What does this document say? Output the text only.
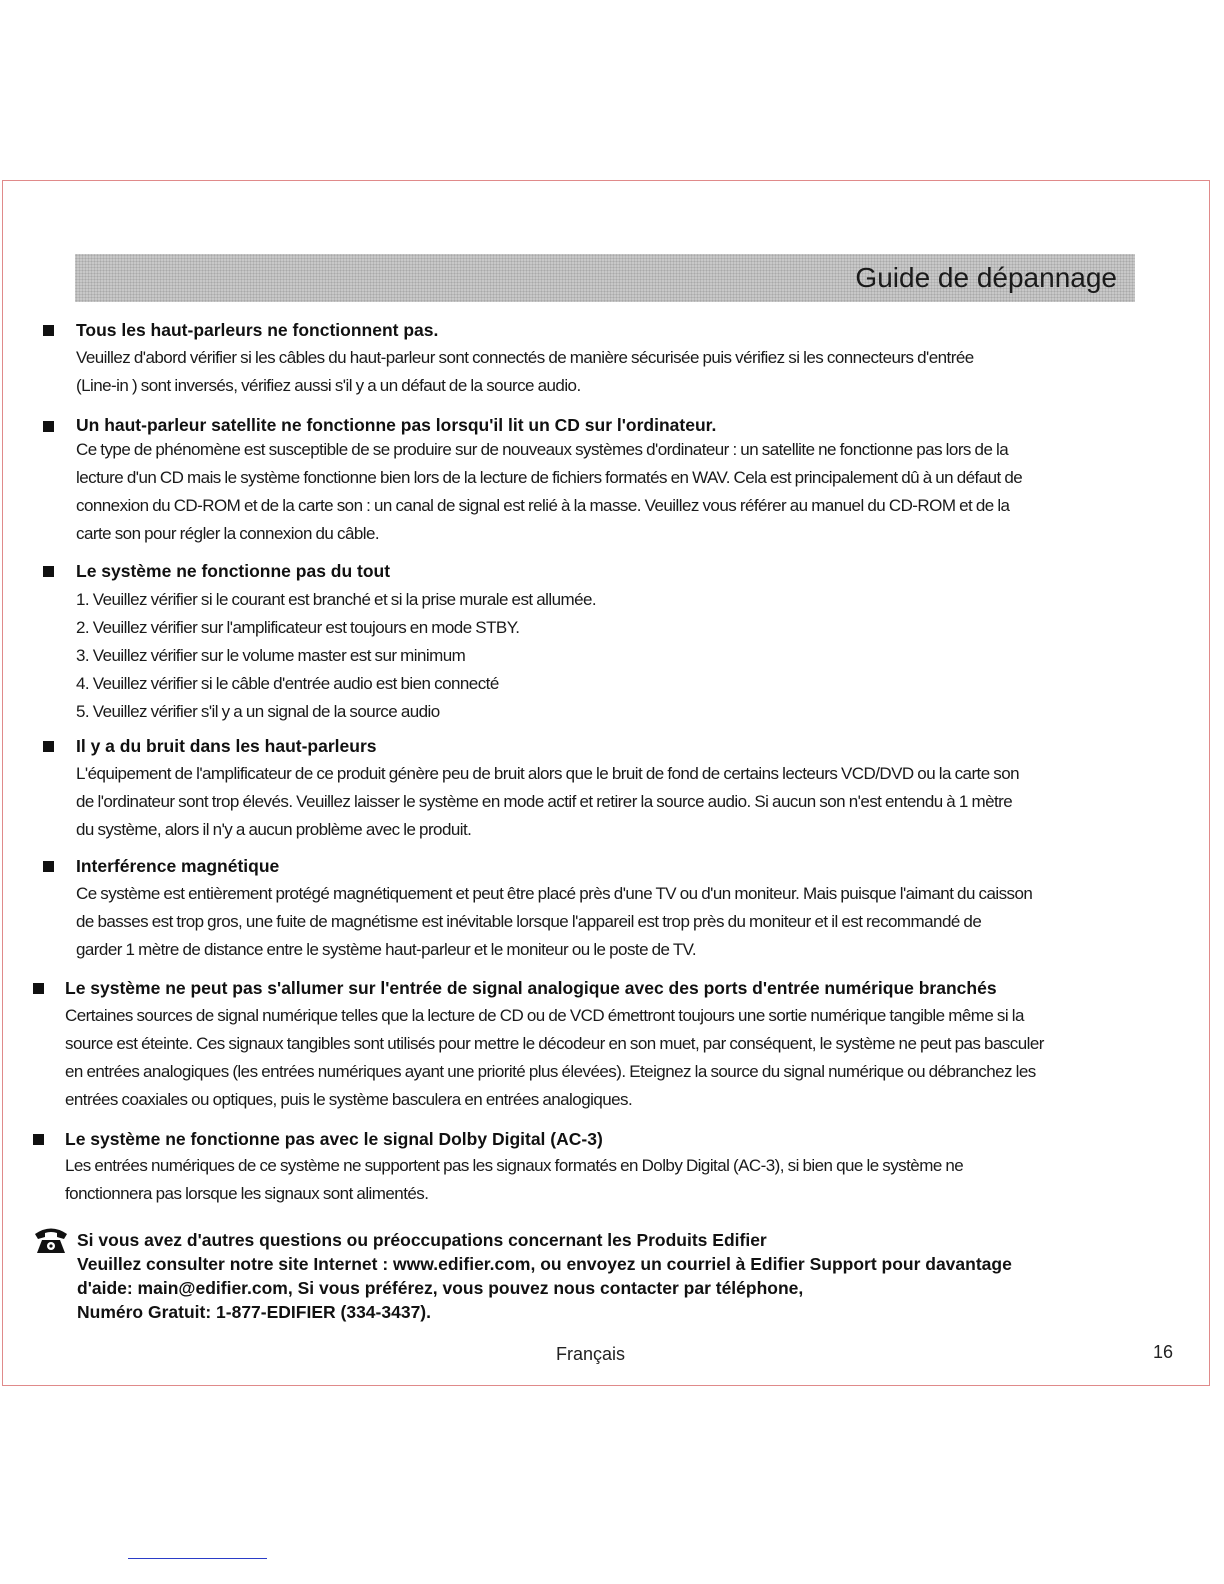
Guide de dépannage
Tous les haut-parleurs ne fonctionnent pas.
Veuillez d'abord vérifier si les câbles du haut-parleur sont connectés de manière sécurisée puis vérifiez si les connecteurs d'entrée
(Line-in ) sont inversés, vérifiez aussi s'il y a un défaut de la source audio.
Un haut-parleur satellite ne fonctionne pas lorsqu'il lit un CD sur l'ordinateur.
Ce type de phénomène est susceptible de se produire sur de nouveaux systèmes d'ordinateur : un satellite ne fonctionne pas lors de la
lecture d'un CD mais le système fonctionne bien lors de la lecture de fichiers formatés en WAV. Cela est principalement dû à un défaut de
connexion du CD-ROM et de la carte son : un canal de signal est relié à la masse. Veuillez vous référer au manuel du CD-ROM et de la
carte son pour régler la connexion du câble.
Le système ne fonctionne pas du tout
1. Veuillez vérifier si le courant est branché et si la prise murale est allumée.
2. Veuillez vérifier sur l'amplificateur est toujours en mode STBY.
3. Veuillez vérifier sur le volume master est sur minimum
4. Veuillez vérifier si le câble d'entrée audio est bien connecté
5. Veuillez vérifier s'il y a un signal de la source audio
Il y a du bruit dans les haut-parleurs
L'équipement de l'amplificateur de ce produit génère peu de bruit alors que le bruit de fond de certains lecteurs VCD/DVD ou la carte son
de l'ordinateur sont trop élevés. Veuillez laisser le système en mode actif et retirer la source audio. Si aucun son n'est entendu à 1 mètre
du système, alors il n'y a aucun problème avec le produit.
Interférence magnétique
Ce système est entièrement protégé magnétiquement et peut être placé près d'une TV ou d'un moniteur. Mais puisque l'aimant du caisson
de basses est trop gros, une fuite de magnétisme est inévitable lorsque l'appareil est trop près du moniteur et il est recommandé de
garder 1 mètre de distance entre le système haut-parleur et le moniteur ou le poste de TV.
Le système ne peut pas s'allumer sur l'entrée de signal analogique avec des ports d'entrée numérique branchés
Certaines sources de signal numérique telles que la lecture de CD ou de VCD émettront toujours une sortie numérique tangible même si la
source est éteinte. Ces signaux tangibles sont utilisés pour mettre le décodeur en son muet, par conséquent, le système ne peut pas basculer
en entrées analogiques (les entrées numériques ayant une priorité plus élevées). Eteignez la source du signal numérique ou débranchez les
entrées coaxiales ou optiques, puis le système basculera en entrées analogiques.
Le système ne fonctionne pas avec le signal Dolby Digital (AC-3)
Les entrées numériques de ce système ne supportent pas les signaux formatés en Dolby Digital (AC-3), si bien que le système ne
fonctionnera pas lorsque les signaux sont alimentés.
Si vous avez d'autres questions ou préoccupations concernant les Produits Edifier
Veuillez consulter notre site Internet : www.edifier.com, ou envoyez un courriel à Edifier Support pour davantage
d'aide: main@edifier.com, Si vous préférez, vous pouvez nous contacter par téléphone,
Numéro Gratuit: 1-877-EDIFIER (334-3437).
Français	16
